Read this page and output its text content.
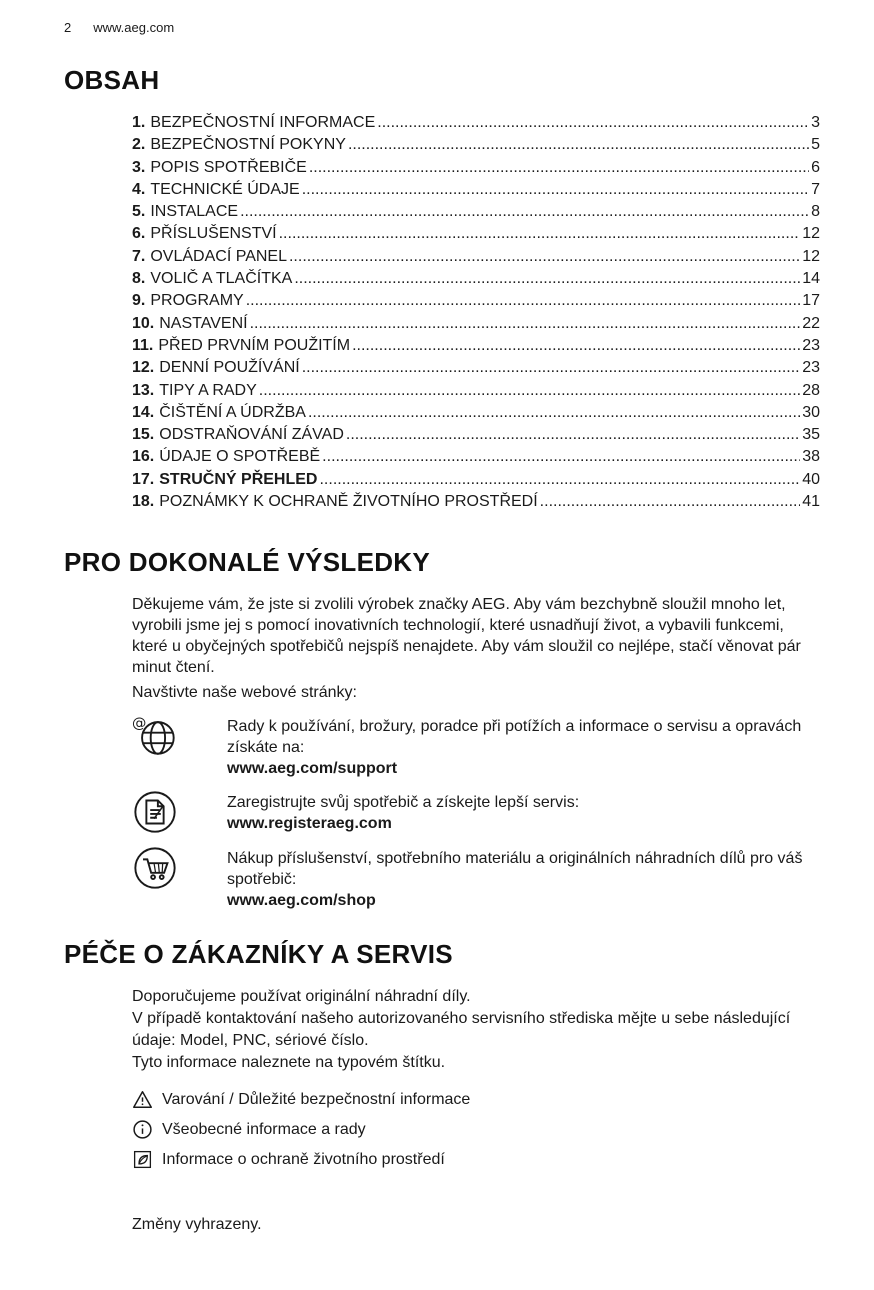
2 www.aeg.com
OBSAH
1. BEZPEČNOSTNÍ INFORMACE .....	3
2. BEZPEČNOSTNÍ POKYNY .....	5
3. POPIS SPOTŘEBIČE .....	6
4. TECHNICKÉ ÚDAJE .....	7
5. INSTALACE .....	8
6. PŘÍSLUŠENSTVÍ .....	12
7. OVLÁDACÍ PANEL .....	12
8. VOLIČ A TLAČÍTKA .....	14
9. PROGRAMY .....	17
10. NASTAVENÍ .....	22
11. PŘED PRVNÍM POUŽITÍM .....	23
12. DENNÍ POUŽÍVÁNÍ .....	23
13. TIPY A RADY .....	28
14. ČIŠTĚNÍ A ÚDRŽBA .....	30
15. ODSTRAŇOVÁNÍ ZÁVAD .....	35
16. ÚDAJE O SPOTŘEBĚ .....	38
17. STRUČNÝ PŘEHLED .....	40
18. POZNÁMKY K OCHRANĚ ŽIVOTNÍHO PROSTŘEDÍ .....	41
PRO DOKONALÉ VÝSLEDKY

Děkujeme vám, že jste si zvolili výrobek značky AEG. Aby vám bezchybně sloužil mnoho let, vyrobili jsme jej s pomocí inovativních technologií, které usnadňují život, a vybavili funkcemi, které u obyčejných spotřebičů nejspíš nenajdete. Aby vám sloužil co nejlépe, stačí věnovat pár minut čtení.

Navštivte naše webové stránky:

@	Rady k používání, brožury, poradce při potížích a informace o servisu a opravách získáte na:

www.aeg.com/support

Zaregistrujte svůj spotřebič a získejte lepší servis:

www.registeraeg.com

Nákup příslušenství, spotřebního materiálu a originálních náhradních dílů pro váš spotřebič:

www.aeg.com/shop

PÉČE O ZÁKAZNÍKY A SERVIS

Doporučujeme používat originální náhradní díly.

V případě kontaktování našeho autorizovaného servisního střediska mějte u sebe následující údaje: Model, PNC, sériové číslo.

Tyto informace naleznete na typovém štítku.

Varování / Důležité bezpečnostní informace
Všeobecné informace a rady
Informace o ochraně životního prostředí

Změny vyhrazeny.
